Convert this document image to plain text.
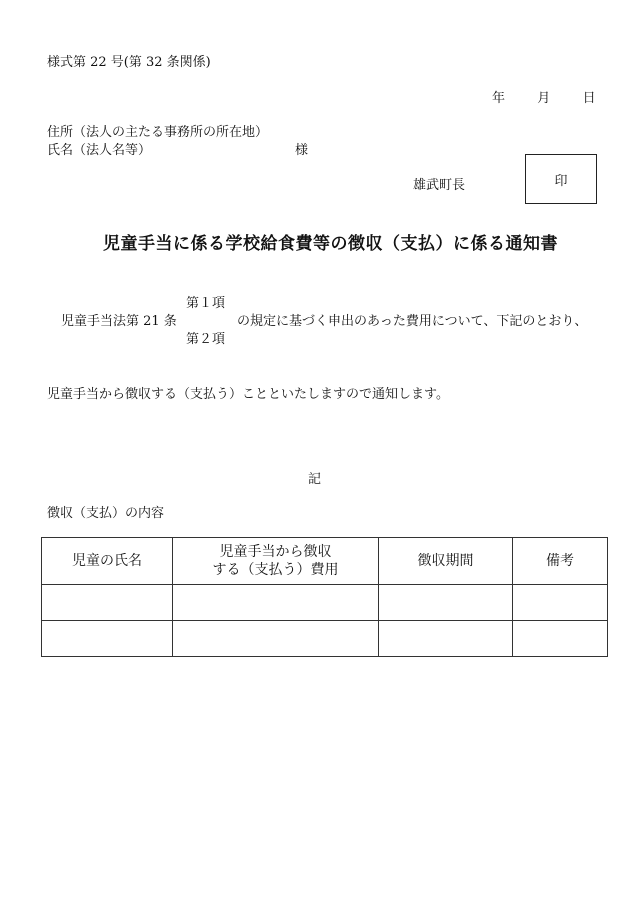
様式第 22 号(第 32 条関係)
年 月 日
住所（法人の主たる事務所の所在地）
氏名（法人名等）	様
雄武町長	印
児童手当に係る学校給食費等の徴収（支払）に係る通知書
第１項
児童手当法第 21 条	の規定に基づく申出のあった費用について、下記のとおり、
第２項
児童手当から徴収する（支払う）ことといたしますので通知します。
記
徴収（支払）の内容
児童の氏名	児童手当から徴収
する（支払う）費用	徴収期間	備考
